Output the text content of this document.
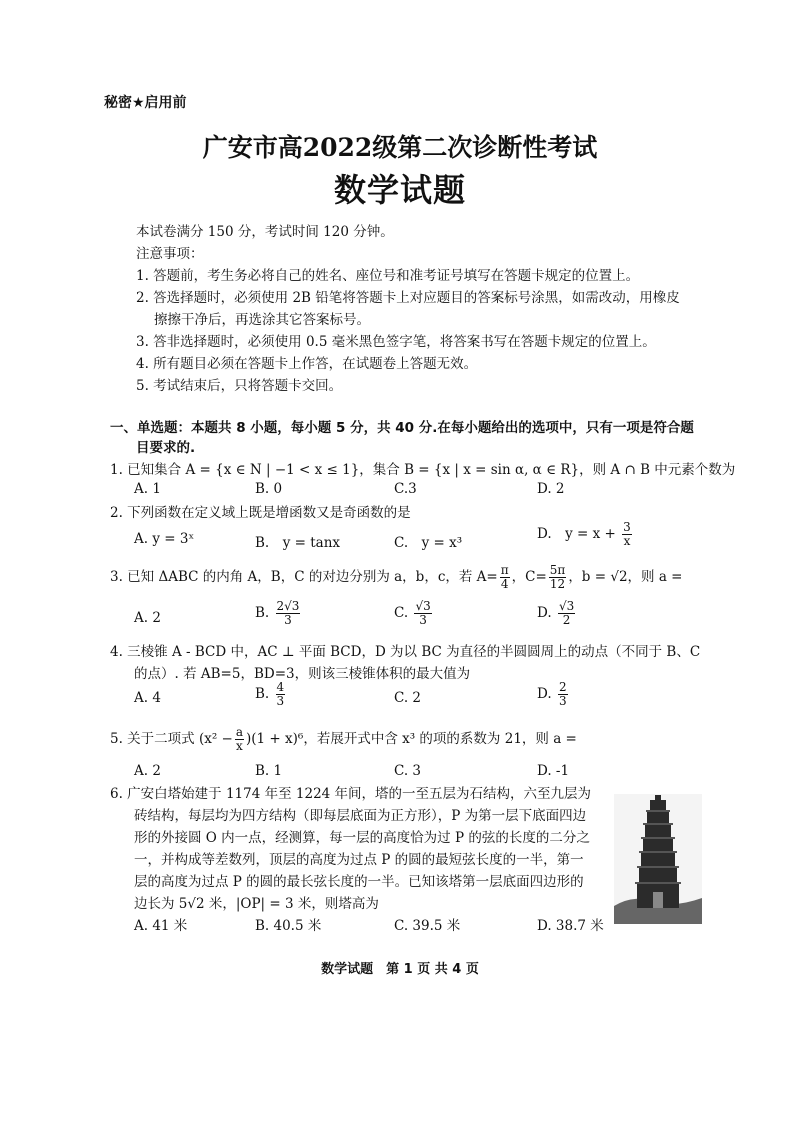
秘密★启用前
广安市高2022级第二次诊断性考试
数学试题
本试卷满分 150 分，考试时间 120 分钟。
注意事项：
1. 答题前，考生务必将自己的姓名、座位号和准考证号填写在答题卡规定的位置上。
2. 答选择题时，必须使用 2B 铅笔将答题卡上对应题目的答案标号涂黑，如需改动，用橡皮
擦擦干净后，再选涂其它答案标号。
3. 答非选择题时，必须使用 0.5 毫米黑色签字笔，将答案书写在答题卡规定的位置上。
4. 所有题目必须在答题卡上作答，在试题卷上答题无效。
5. 考试结束后，只将答题卡交回。
一、单选题：本题共 8 小题，每小题 5 分，共 40 分.在每小题给出的选项中，只有一项是符合题
目要求的.
1. 已知集合 A = {x ∈ N | −1 < x ≤ 1}，集合 B = {x | x = sin α, α ∈ R}，则 A ∩ B 中元素个数为
A. 1	B. 0	C.3	D. 2
2. 下列函数在定义域上既是增函数又是奇函数的是
A. y = 3ˣ	B.　y = tanx	C.　y = x³
D.　$y = x + \frac{3}{x}$
3. 已知 ΔABC 的内角 A，B，C 的对边分别为 a，b，c，若 $A= \frac{\pi}{4}$ ，$C= \frac{5\pi}{12}$ ，b = √2，则 a =
A. 2	B. $\frac{2√3}{3}$	C. $\frac{√3}{3}$	D. $\frac{√3}{2}$
4. 三棱锥 A - BCD 中，AC ⊥ 平面 BCD，D 为以 BC 为直径的半圆圆周上的动点（不同于 B、C
的点）. 若 AB=5，BD=3，则该三棱锥体积的最大值为
A. 4	B. $\frac{4}{3}$	C. 2	D. $\frac{2}{3}$
5. 关于二项式 $(x^2 - \frac{a}{x} )(1 + x)^6$，若展开式中含 x³ 的项的系数为 21，则 a =
A. 2	B. 1	C. 3	D. -1
6. 广安白塔始建于 1174 年至 1224 年间，塔的一至五层为石结构，六至九层为
砖结构，每层均为四方结构（即每层底面为正方形），P 为第一层下底面四边
形的外接圆 O 内一点，经测算，每一层的高度恰为过 P 的弦的长度的二分之
一，并构成等差数列，顶层的高度为过点 P 的圆的最短弦长度的一半，第一
层的高度为过点 P 的圆的最长弦长度的一半。已知该塔第一层底面四边形的
边长为 5√2 米，|OP| = 3 米，则塔高为
A. 41 米	B. 40.5 米	C. 39.5 米	D. 38.7 米
数学试题　第 1 页 共 4 页
